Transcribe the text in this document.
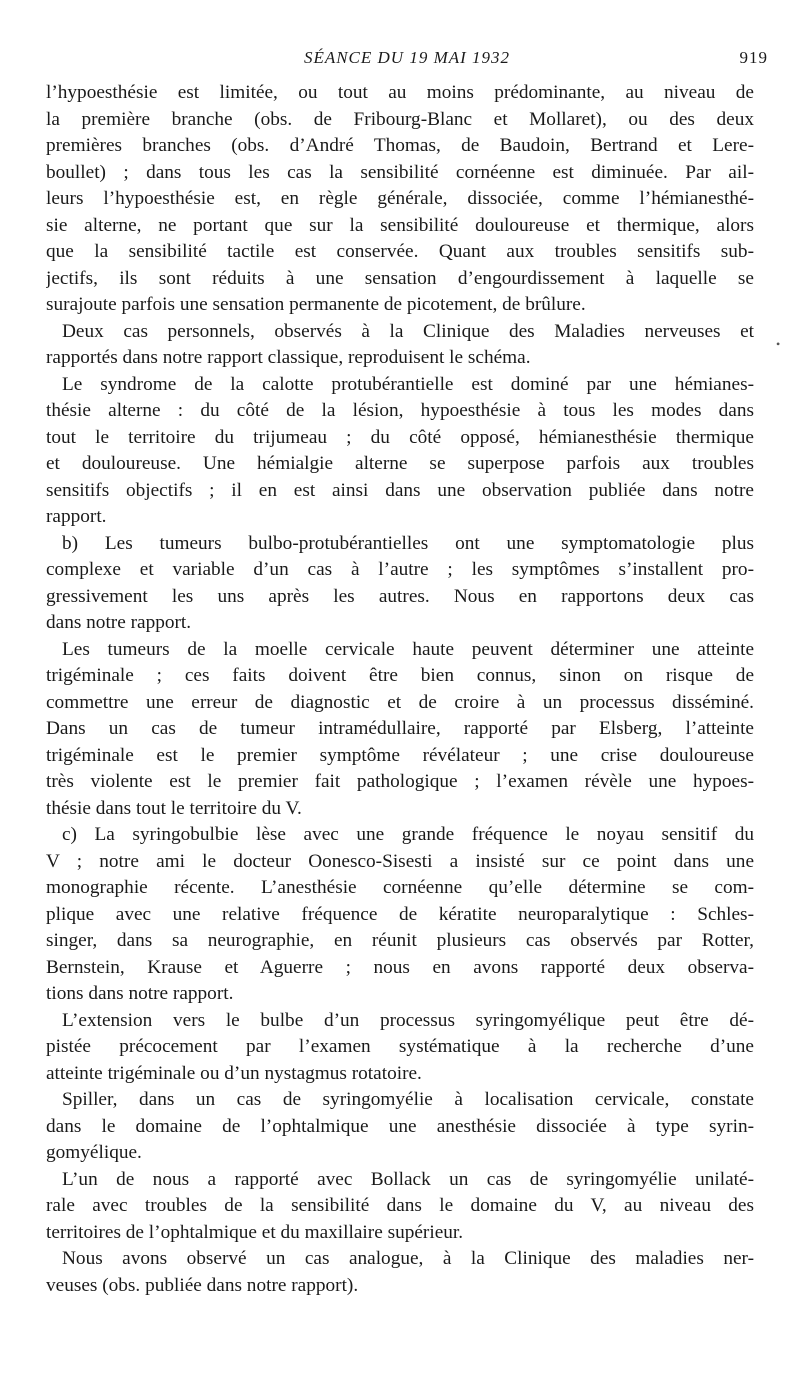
SÉANCE DU 19 MAI 1932	919
l’hypoesthésie est limitée, ou tout au moins prédominante, au niveau de
la première branche (obs. de Fribourg-Blanc et Mollaret), ou des deux
premières branches (obs. d’André Thomas, de Baudoin, Bertrand et Lere-
boullet) ; dans tous les cas la sensibilité cornéenne est diminuée. Par ail-
leurs l’hypoesthésie est, en règle générale, dissociée, comme l’hémianesthé-
sie alterne, ne portant que sur la sensibilité douloureuse et thermique, alors
que la sensibilité tactile est conservée. Quant aux troubles sensitifs sub-
jectifs, ils sont réduits à une sensation d’engourdissement à laquelle se
surajoute parfois une sensation permanente de picotement, de brûlure.
Deux cas personnels, observés à la Clinique des Maladies nerveuses et
rapportés dans notre rapport classique, reproduisent le schéma.
Le syndrome de la calotte protubérantielle est dominé par une hémianes-
thésie alterne : du côté de la lésion, hypoesthésie à tous les modes dans
tout le territoire du trijumeau ; du côté opposé, hémianesthésie thermique
et douloureuse. Une hémialgie alterne se superpose parfois aux troubles
sensitifs objectifs ; il en est ainsi dans une observation publiée dans notre
rapport.
b) Les tumeurs bulbo-protubérantielles ont une symptomatologie plus
complexe et variable d’un cas à l’autre ; les symptômes s’installent pro-
gressivement les uns après les autres. Nous en rapportons deux cas
dans notre rapport.
Les tumeurs de la moelle cervicale haute peuvent déterminer une atteinte
trigéminale ; ces faits doivent être bien connus, sinon on risque de
commettre une erreur de diagnostic et de croire à un processus disséminé.
Dans un cas de tumeur intramédullaire, rapporté par Elsberg, l’atteinte
trigéminale est le premier symptôme révélateur ; une crise douloureuse
très violente est le premier fait pathologique ; l’examen révèle une hypoes-
thésie dans tout le territoire du V.
c) La syringobulbie lèse avec une grande fréquence le noyau sensitif du
V ; notre ami le docteur Oonesco-Sisesti a insisté sur ce point dans une
monographie récente. L’anesthésie cornéenne qu’elle détermine se com-
plique avec une relative fréquence de kératite neuroparalytique : Schles-
singer, dans sa neurographie, en réunit plusieurs cas observés par Rotter,
Bernstein, Krause et Aguerre ; nous en avons rapporté deux observa-
tions dans notre rapport.
L’extension vers le bulbe d’un processus syringomyélique peut être dé-
pistée précocement par l’examen systématique à la recherche d’une
atteinte trigéminale ou d’un nystagmus rotatoire.
Spiller, dans un cas de syringomyélie à localisation cervicale, constate
dans le domaine de l’ophtalmique une anesthésie dissociée à type syrin-
gomyélique.
L’un de nous a rapporté avec Bollack un cas de syringomyélie unilaté-
rale avec troubles de la sensibilité dans le domaine du V, au niveau des
territoires de l’ophtalmique et du maxillaire supérieur.
Nous avons observé un cas analogue, à la Clinique des maladies ner-
veuses (obs. publiée dans notre rapport).
•
